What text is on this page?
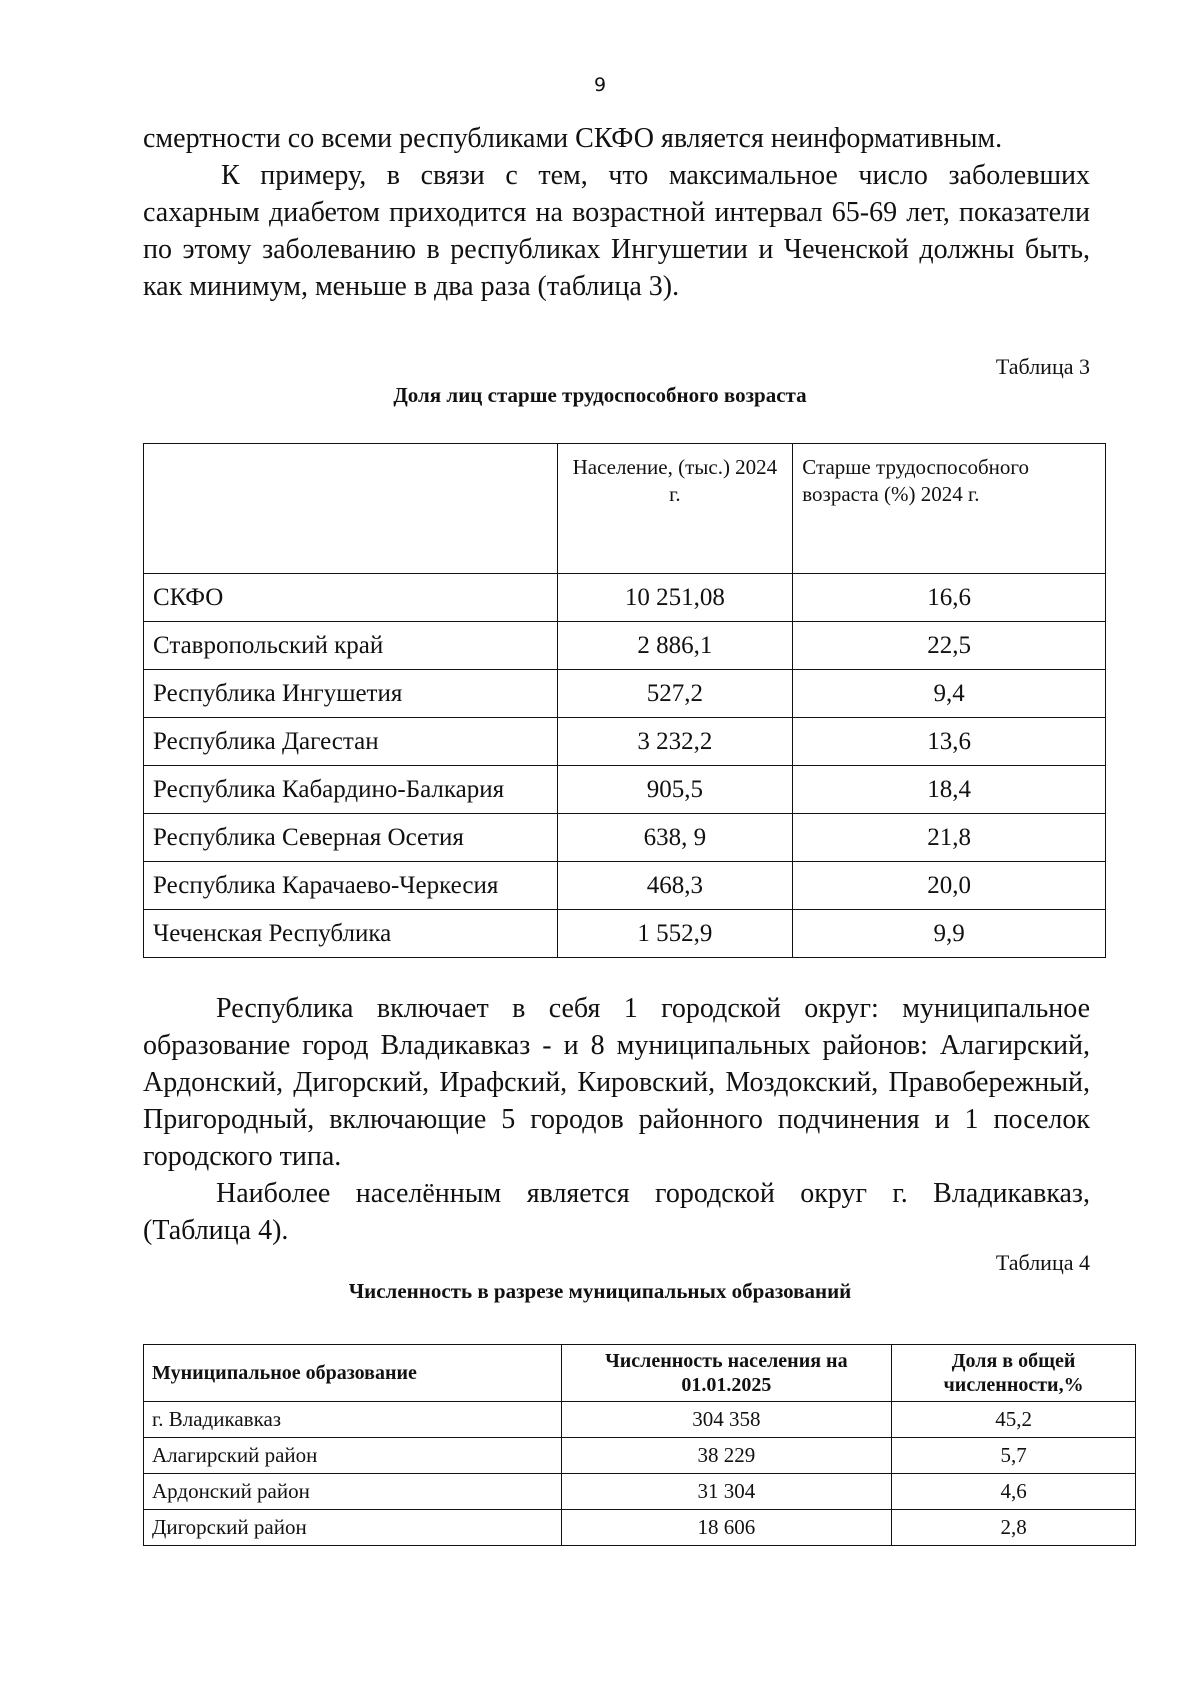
9
смертности со всеми республиками СКФО является неинформативным.
К примеру, в связи с тем, что максимальное число заболевших сахарным диабетом приходится на возрастной интервал 65-69 лет, показатели по этому заболеванию в республиках Ингушетии и Чеченской должны быть, как минимум, меньше в два раза (таблица 3).
Таблица 3
Доля лиц старше трудоспособного возраста
	Население, (тыс.) 2024 г.	Старше трудоспособного возраста (%) 2024 г.
СКФО	10 251,08	16,6
Ставропольский край	2 886,1	22,5
Республика Ингушетия	527,2	9,4
Республика Дагестан	3 232,2	13,6
Республика Кабардино-Балкария	905,5	18,4
Республика Северная Осетия	638, 9	21,8
Республика Карачаево-Черкесия	468,3	20,0
Чеченская Республика	1 552,9	9,9
Республика включает в себя 1 городской округ: муниципальное образование город Владикавказ - и 8 муниципальных районов: Алагирский, Ардонский, Дигорский, Ирафский, Кировский, Моздокский, Правобережный, Пригородный, включающие 5 городов районного подчинения и 1 поселок городского типа.
Наиболее населённым является городской округ г. Владикавказ, (Таблица 4).
Таблица 4
Численность в разрезе муниципальных образований
Муниципальное образование	Численность населения на 01.01.2025	Доля в общей численности,%
г. Владикавказ	304 358	45,2
Алагирский район	38 229	5,7
Ардонский район	31 304	4,6
Дигорский район	18 606	2,8
